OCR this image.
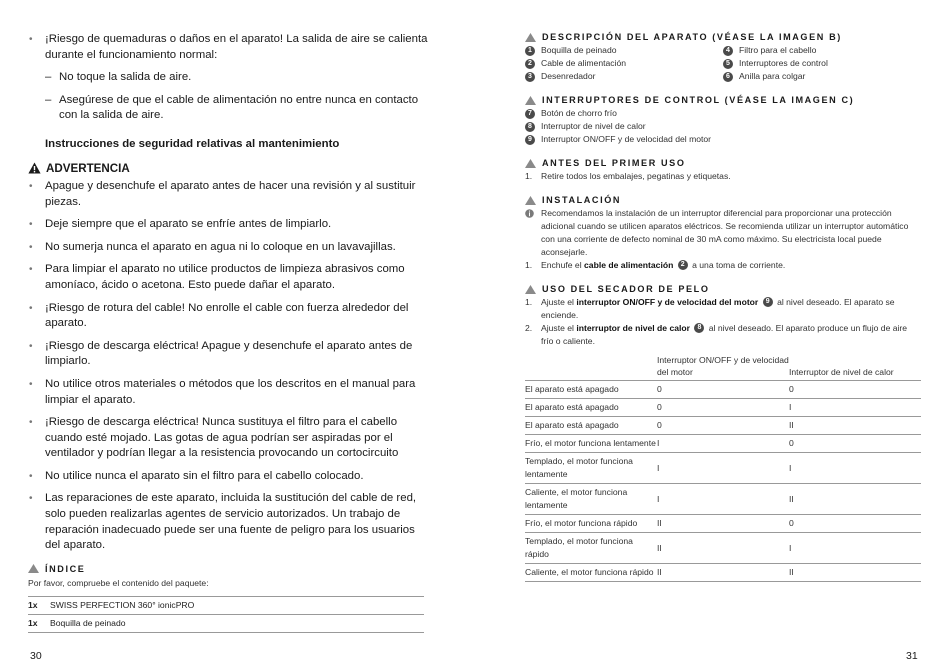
• ¡Riesgo de quemaduras o daños en el aparato! La salida de aire se calienta durante el funcionamiento normal:
– No toque la salida de aire.
– Asegúrese de que el cable de alimentación no entre nunca en contacto con la salida de aire.
Instrucciones de seguridad relativas al mantenimiento
ADVERTENCIA
• Apague y desenchufe el aparato antes de hacer una revisión y al sustituir piezas.
• Deje siempre que el aparato se enfríe antes de limpiarlo.
• No sumerja nunca el aparato en agua ni lo coloque en un lavavajillas.
• Para limpiar el aparato no utilice productos de limpieza abrasivos como amoníaco, ácido o acetona. Esto puede dañar el aparato.
• ¡Riesgo de rotura del cable! No enrolle el cable con fuerza alrededor del aparato.
• ¡Riesgo de descarga eléctrica! Apague y desenchufe el aparato antes de limpiarlo.
• No utilice otros materiales o métodos que los descritos en el manual para limpiar el aparato.
• ¡Riesgo de descarga eléctrica! Nunca sustituya el filtro para el cabello cuando esté mojado. Las gotas de agua podrían ser aspiradas por el ventilador y podrían llegar a la resistencia provocando un cortocircuito
• No utilice nunca el aparato sin el filtro para el cabello colocado.
• Las reparaciones de este aparato, incluida la sustitución del cable de red, solo pueden realizarlas agentes de servicio autorizados. Un trabajo de reparación inadecuado puede ser una fuente de peligro para los usuarios del aparato.
ÍNDICE
Por favor, compruebe el contenido del paquete:
1x	SWISS PERFECTION 360° ionicPRO
1x	Boquilla de peinado
30
DESCRIPCIÓN DEL APARATO (VÉASE LA IMAGEN B)
1	Boquilla de peinado	4	Filtro para el cabello
2	Cable de alimentación	5	Interruptores de control
3	Desenredador	6	Anilla para colgar
INTERRUPTORES DE CONTROL (VÉASE LA IMAGEN C)
7	Botón de chorro frío
8	Interruptor de nivel de calor
9	Interruptor ON/OFF y de velocidad del motor
ANTES DEL PRIMER USO
1. Retire todos los embalajes, pegatinas y etiquetas.
INSTALACIÓN
Recomendamos la instalación de un interruptor diferencial para proporcionar una protección adicional cuando se utilicen aparatos eléctricos. Se recomienda utilizar un interruptor automático con una corriente de defecto nominal de 30 mA como máximo. Su electricista local puede aconsejarle.
1. Enchufe el cable de alimentación 2 a una toma de corriente.
USO DEL SECADOR DE PELO
1. Ajuste el interruptor ON/OFF y de velocidad del motor 9 al nivel deseado. El aparato se enciende.
2. Ajuste el interruptor de nivel de calor 8 al nivel deseado. El aparato produce un flujo de aire frío o caliente.
	Interruptor ON/OFF y de velocidad del motor	Interruptor de nivel de calor
El aparato está apagado	0	0
El aparato está apagado	0	I
El aparato está apagado	0	II
Frío, el motor funciona lentamente	I	0
Templado, el motor funciona lentamente	I	I
Caliente, el motor funciona lentamente	I	II
Frío, el motor funciona rápido	II	0
Templado, el motor funciona rápido	II	I
Caliente, el motor funciona rápido	II	II
31
